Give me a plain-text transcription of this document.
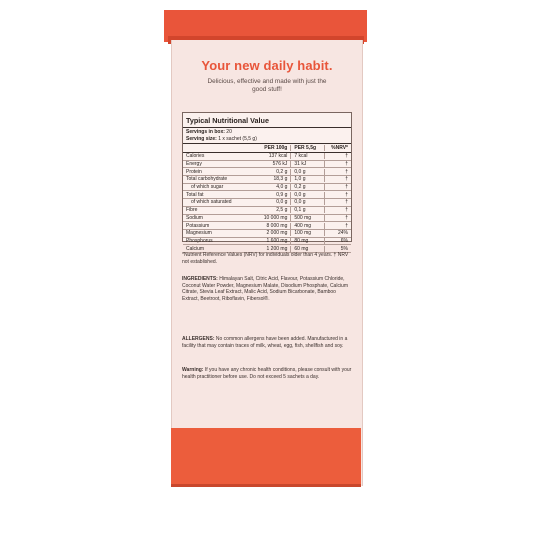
Your new daily habit.
Delicious, effective and made with just the good stuff!
Typical Nutritional Value
Servings in box: 20
Serving size: 1 x sachet (5,5 g)
PER 100g	PER 5,5g	%NRV*
Calories	137 kcal	7 kcal	†
Energy	576 kJ	31 kJ	†
Protein	0,2 g	0,0 g	†
Total carbohydrate	18,3 g	1,0 g	†
of which sugar	4,0 g	0,2 g	†
Total fat	0,9 g	0,0 g	†
of which saturated	0,0 g	0,0 g	†
Fibre	2,5 g	0,1 g	†
Sodium	10 000 mg	500 mg	†
Potassium	8 000 mg	400 mg	†
Magnesium	2 000 mg	100 mg	24%
Phosphorus	1 600 mg	80 mg	6%
Calcium	1 200 mg	60 mg	5%
*Nutrient Reference Values (NRV) for individuals older than 4 years. † NRV not established.
INGREDIENTS: Himalayan Salt, Citric Acid, Flavour, Potassium Chloride, Coconut Water Powder, Magnesium Malate, Disodium Phosphate, Calcium Citrate, Stevia Leaf Extract, Malic Acid, Sodium Bicarbonate, Bamboo Extract, Beetroot, Riboflavin, Fibersol®.
ALLERGENS: No common allergens have been added. Manufactured in a facility that may contain traces of milk, wheat, egg, fish, shellfish and soy.
Warning: If you have any chronic health conditions, please consult with your health practitioner before use. Do not exceed 5 sachets a day.
